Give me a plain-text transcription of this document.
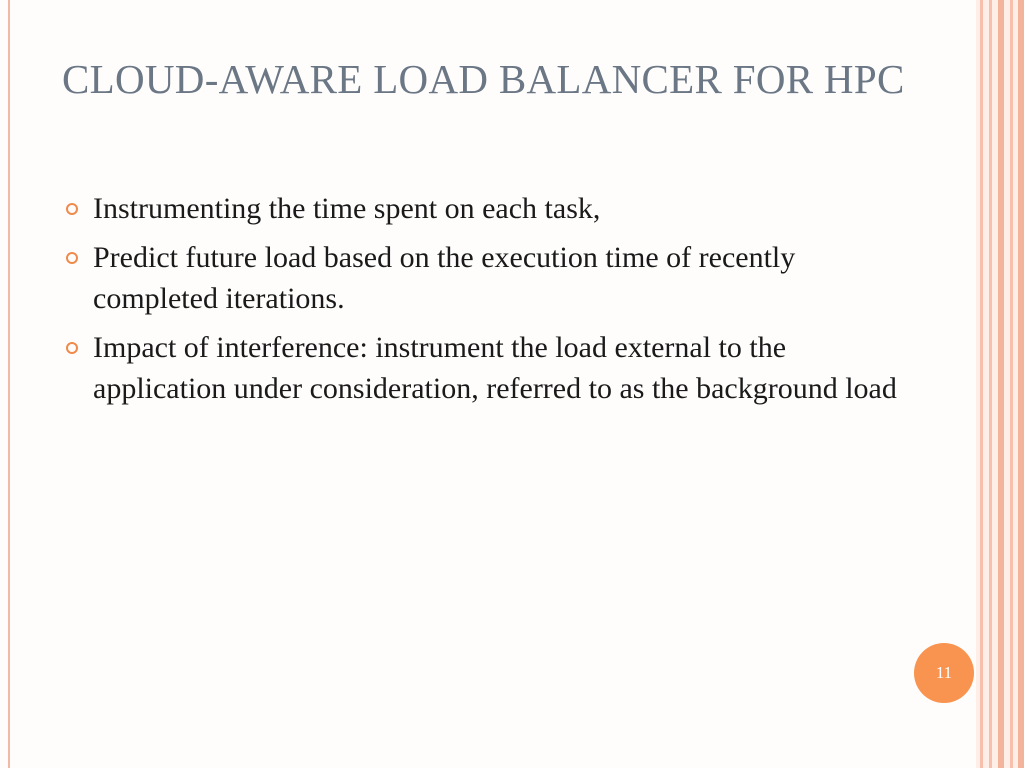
CLOUD-AWARE LOAD BALANCER FOR HPC
Instrumenting the time spent on each task,
Predict future load based on the execution time of recently completed iterations.
Impact of interference: instrument the load external to the application under consideration, referred to as the background load
11
